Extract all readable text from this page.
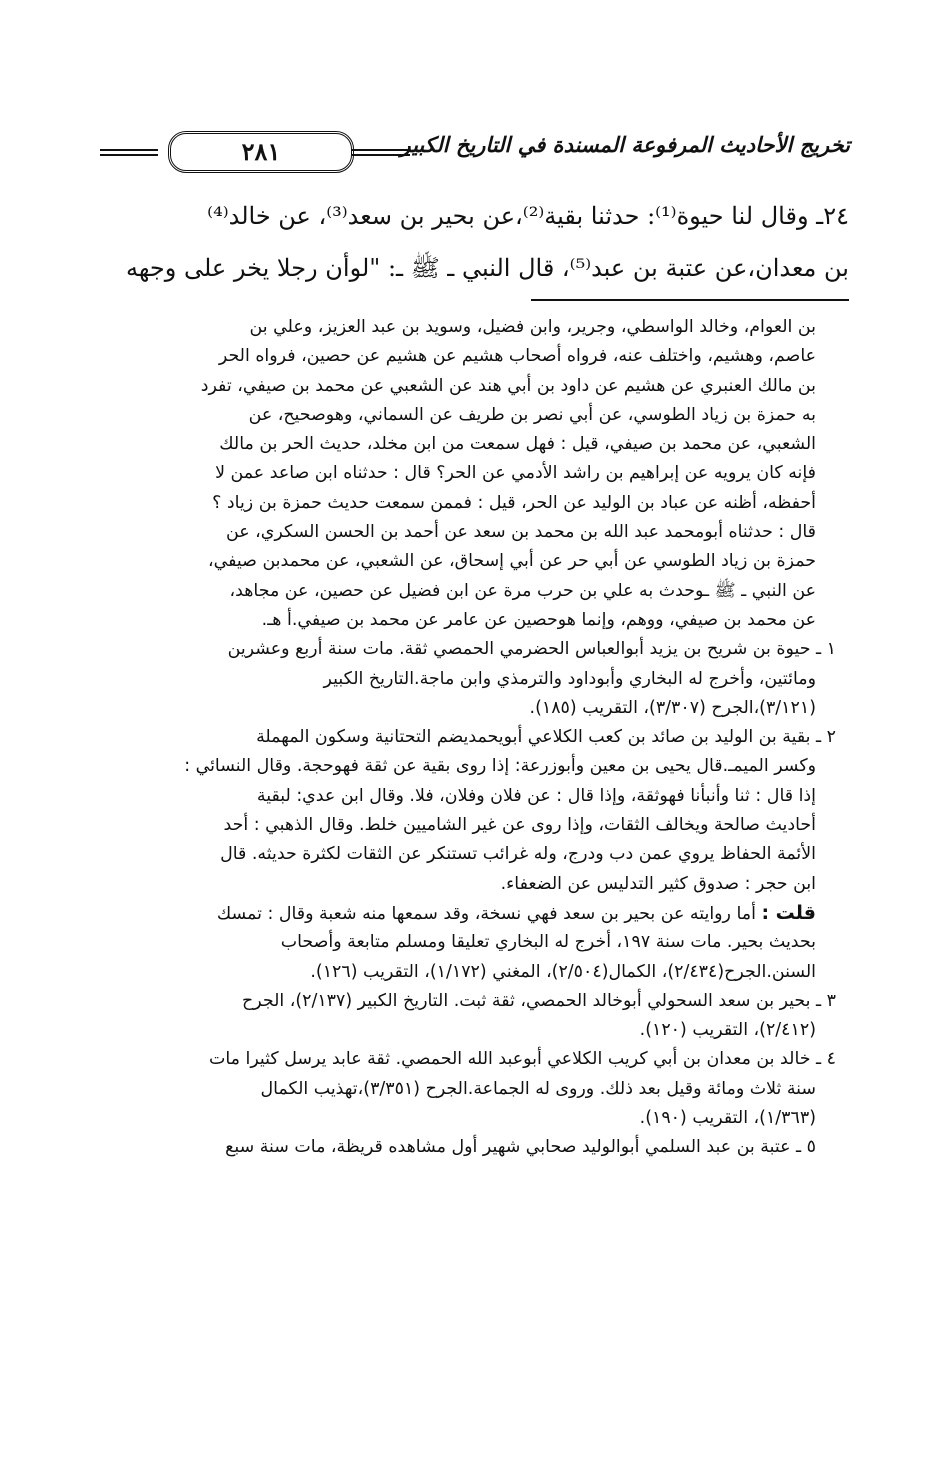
تخريج الأحاديث المرفوعة المسندة في التاريخ الكبير
٢٨١
٢٤ـ وقال لنا حيوة⁽¹⁾: حدثنا بقية⁽²⁾،عن بحير بن سعد⁽³⁾، عن خالد⁽⁴⁾
بن معدان،عن عتبة بن عبد⁽⁵⁾، قال النبي ـ ﷺ ـ: "لوأن رجلا يخر على وجهه
بن العوام، وخالد الواسطي، وجرير، وابن فضيل، وسويد بن عبد العزيز، وعلي بن
عاصم، وهشيم، واختلف عنه، فرواه أصحاب هشيم عن هشيم عن حصين، فرواه الحر
بن مالك العنبري عن هشيم عن داود بن أبي هند عن الشعبي عن محمد بن صيفي، تفرد
به حمزة بن زياد الطوسي، عن أبي نصر بن طريف عن السماني، وهوصحيح، عن
الشعبي، عن محمد بن صيفي، قيل : فهل سمعت من ابن مخلد، حديث الحر بن مالك
فإنه كان يرويه عن إبراهيم بن راشد الأدمي عن الحر؟ قال : حدثناه ابن صاعد عمن لا
أحفظه، أظنه عن عباد بن الوليد عن الحر، قيل : فممن سمعت حديث حمزة بن زياد ؟
قال : حدثناه أبومحمد عبد الله بن محمد بن سعد عن أحمد بن الحسن السكري، عن
حمزة بن زياد الطوسي عن أبي حر عن أبي إسحاق، عن الشعبي، عن محمدبن صيفي،
عن النبي ـ ﷺ ـوحدث به علي بن حرب مرة عن ابن فضيل عن حصين، عن مجاهد،
عن محمد بن صيفي، ووهم، وإنما هوحصين عن عامر عن محمد بن صيفي.أ هـ.
١ ـ حيوة بن شريح بن يزيد أبوالعباس الحضرمي الحمصي ثقة. مات سنة أربع وعشرين
ومائتين، وأخرج له البخاري وأبوداود والترمذي وابن ماجة.التاريخ الكبير
(٣/١٢١)،الجرح (٣/٣٠٧)، التقريب (١٨٥).
٢ ـ بقية بن الوليد بن صائد بن كعب الكلاعي أبويحمديضم التحتانية وسكون المهملة
وكسر الميمـ.قال يحيى بن معين وأبوزرعة: إذا روى بقية عن ثقة فهوحجة. وقال النسائي :
إذا قال : ثنا وأنبأنا فهوثقة، وإذا قال : عن فلان وفلان، فلا. وقال ابن عدي: لبقية
أحاديث صالحة ويخالف الثقات، وإذا روى عن غير الشاميين خلط. وقال الذهبي : أحد
الأئمة الحفاظ يروي عمن دب ودرج، وله غرائب تستنكر عن الثقات لكثرة حديثه. قال
ابن حجر : صدوق كثير التدليس عن الضعفاء.
قلت : أما روايته عن بحير بن سعد فهي نسخة، وقد سمعها منه شعبة وقال : تمسك
بحديث بحير. مات سنة ١٩٧، أخرج له البخاري تعليقا ومسلم متابعة وأصحاب
السنن.الجرح(٢/٤٣٤)، الكمال(٢/٥٠٤)، المغني (١/١٧٢)، التقريب (١٢٦).
٣ ـ بحير بن سعد السحولي أبوخالد الحمصي، ثقة ثبت. التاريخ الكبير (٢/١٣٧)، الجرح
(٢/٤١٢)، التقريب (١٢٠).
٤ ـ خالد بن معدان بن أبي كريب الكلاعي أبوعبد الله الحمصي. ثقة عابد يرسل كثيرا مات
سنة ثلاث ومائة وقيل بعد ذلك. وروى له الجماعة.الجرح (٣/٣٥١)،تهذيب الكمال
(١/٣٦٣)، التقريب (١٩٠).
٥ ـ عتبة بن عبد السلمي أبوالوليد صحابي شهير أول مشاهده قريظة، مات سنة سبع
